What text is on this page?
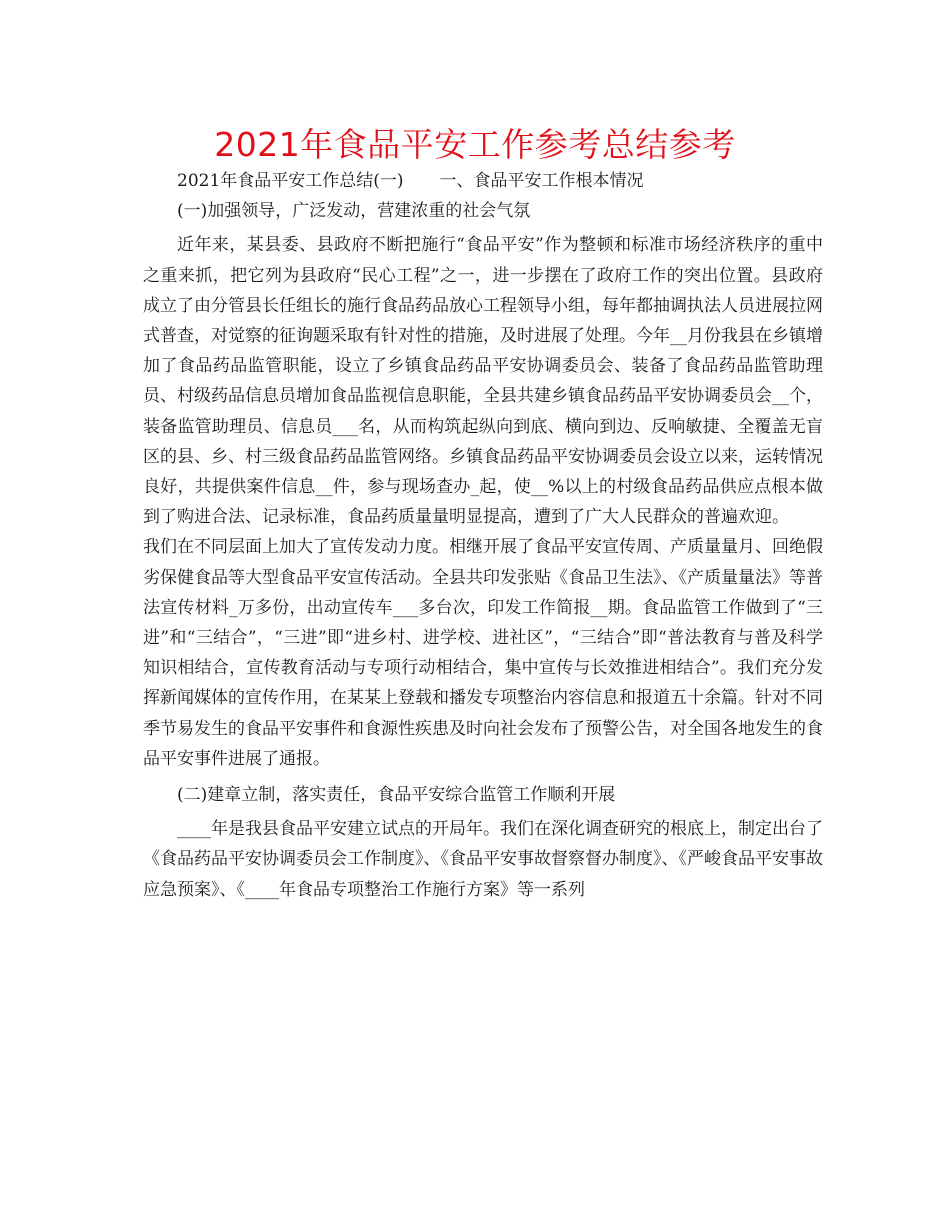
2021年食品平安工作参考总结参考
2021年食品平安工作总结(一) 一、食品平安工作根本情况

(一)加强领导，广泛发动，营建浓重的社会气氛

近年来，某县委、县政府不断把施行“食品平安”作为整顿和标准市场经济秩序的重中之重来抓，把它列为县政府“民心工程”之一，进一步摆在了政府工作的突出位置。县政府成立了由分管县长任组长的施行食品药品放心工程领导小组，每年都抽调执法人员进展拉网式普查，对觉察的征询题采取有针对性的措施，及时进展了处理。今年__月份我县在乡镇增加了食品药品监管职能，设立了乡镇食品药品平安协调委员会、装备了食品药品监管助理员、村级药品信息员增加食品监视信息职能，全县共建乡镇食品药品平安协调委员会__个，装备监管助理员、信息员___名，从而构筑起纵向到底、横向到边、反响敏捷、全覆盖无盲区的县、乡、村三级食品药品监管网络。乡镇食品药品平安协调委员会设立以来，运转情况良好，共提供案件信息__件，参与现场查办_起，使__%以上的村级食品药品供应点根本做到了购进合法、记录标准，食品药质量量明显提高，遭到了广大人民群众的普遍欢迎。

我们在不同层面上加大了宣传发动力度。相继开展了食品平安宣传周、产质量量月、回绝假劣保健食品等大型食品平安宣传活动。全县共印发张贴《食品卫生法》、《产质量量法》等普法宣传材料_万多份，出动宣传车___多台次，印发工作简报__期。食品监管工作做到了“三进”和“三结合”，“三进”即“进乡村、进学校、进社区”，“三结合”即“普法教育与普及科学知识相结合，宣传教育活动与专项行动相结合，集中宣传与长效推进相结合”。我们充分发挥新闻媒体的宣传作用，在某某上登载和播发专项整治内容信息和报道五十余篇。针对不同季节易发生的食品平安事件和食源性疾患及时向社会发布了预警公告，对全国各地发生的食品平安事件进展了通报。

(二)建章立制，落实责任，食品平安综合监管工作顺利开展

____年是我县食品平安建立试点的开局年。我们在深化调查研究的根底上，制定出台了《食品药品平安协调委员会工作制度》、《食品平安事故督察督办制度》、《严峻食品平安事故应急预案》、《____年食品专项整治工作施行方案》等一系列
